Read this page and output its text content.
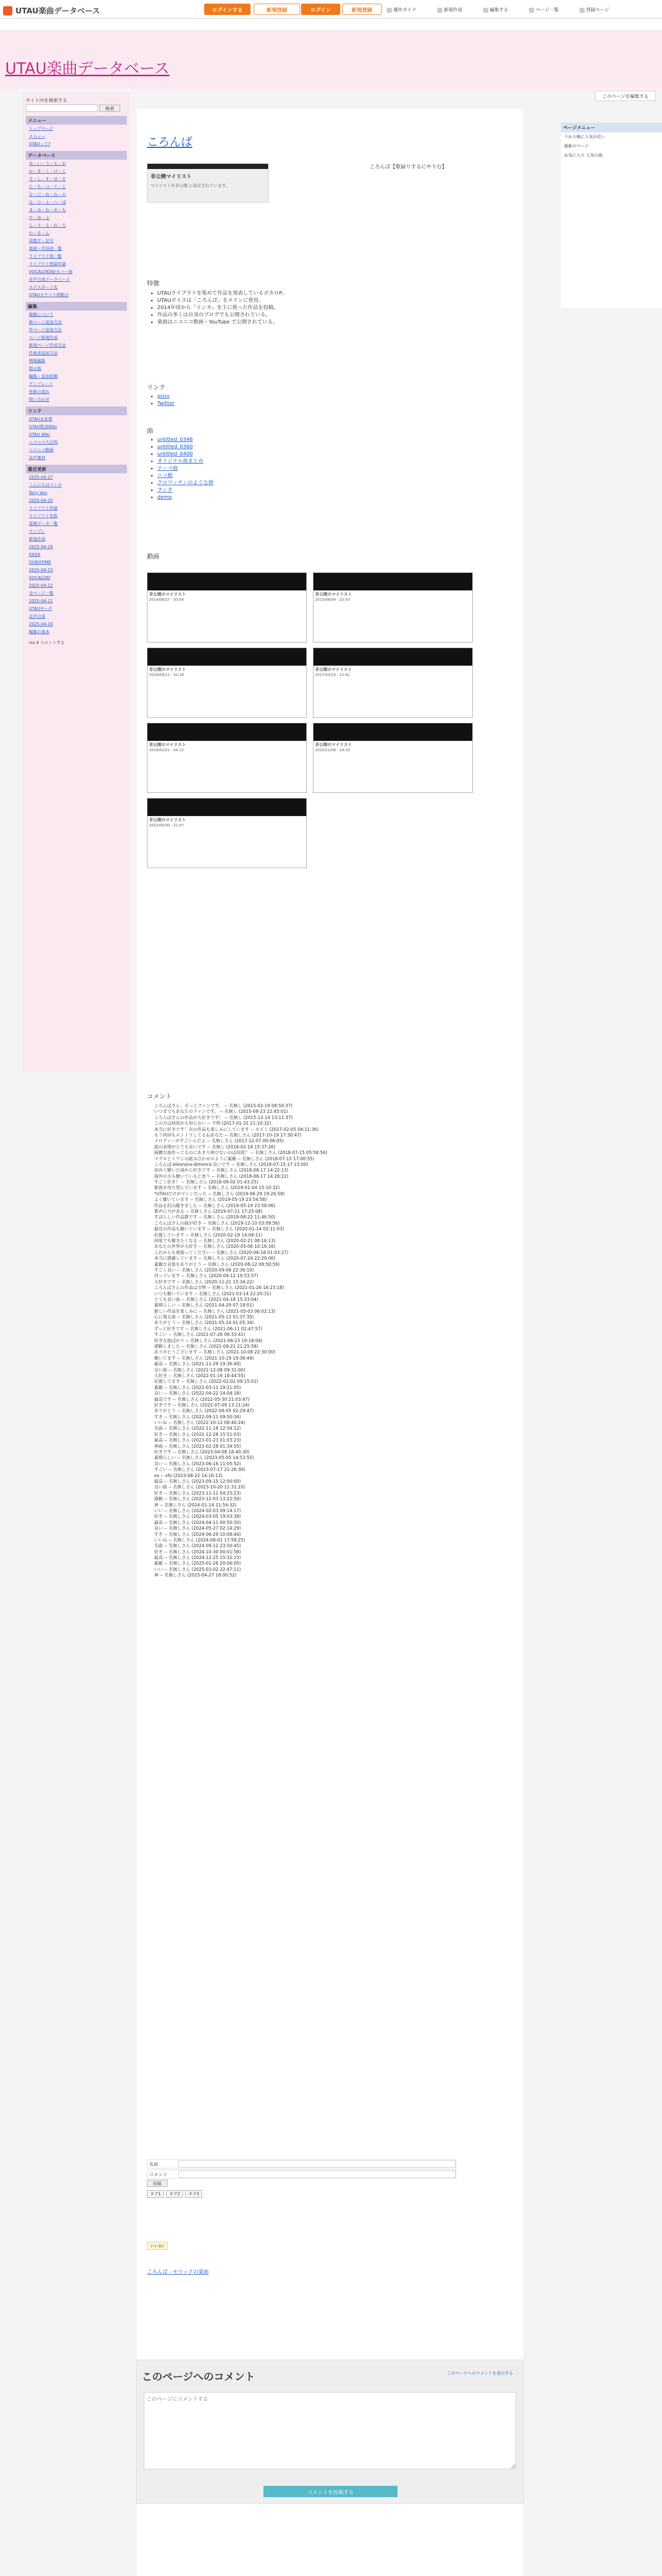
UTAU楽曲データベース	ログインする	新規登録	ログイン	新規登録	操作ガイド	新規作成	編集する	ページ一覧	登録ページ
UTAU楽曲データベース
このページを編集する
サイト内を検索する
検索
メニュー
トップページ
メニュー
UTAUって?
データベース
あ・い・う・え・お
か・き・く・け・こ
さ・し・す・せ・そ
た・ち・つ・て・と
な・に・ぬ・ね・の
は・ひ・ふ・へ・ほ
ま・み・む・め・も
や・ゆ・よ
ら・り・る・れ・ろ
わ・を・ん
英数字・記号
楽曲・作詞者一覧
ライブラリ別一覧
ライブラリ登録申請
VOCALOID曲/カバー曲
音声合成データベース
エクスポート先
UTAUカテゴリ移動分
編集
編集について
新ページ追加方法
作ページ追加方法
ページ新規作成
新規ページ作成方法
作曲者追加方法
情報編集
掲示板
編集・追加依頼
テンプレート
更新の流れ
問い合わせ
リンク
UTAU本家様
UTAU歌詞Wiki
UTAU Wiki
ニコニコ大百科
ニコニコ動画
音声素材
最近更新
2025-04-27
こんにちはリンカ
Tony Von
2025-04-25
ライブラリ申請
ライブラリ名称
重複データ一覧
テンプレ
新規作成
2025-04-24
XXXX
OUROTIME
2025-04-23
VOCALOID
2025-04-22
全ページ一覧
2025-04-21
UTAUサーチ
音声合成
2025-04-20
編集の基本
rss 4 コメントする
ページメニュー
下から順に人気が近い
最新のページ
お気に入り 人気の曲
ころんば
ころんば【歌録りするにやりむ】
非公開マイリスト
マイリストを非公開 に設定されています。
特徴
• UTAUライブラリを集めて作品を発表しているボカロP。
• UTAUボイスは「ころんば」をメインに使用。
• 2014年頃から「リンカ」を主に使った作品を投稿。
• 作品の多くは自身のブログでも公開されている。
• 楽曲はニコニコ動画・YouTube で公開されている。
リンク
• pixiv
• Twitter
曲
• untitled_0346
• untitled_0360
• untitled_0400
• オリジナル曲まとめ
• テーマ曲
• ニコ動
• クロワッサンのような朝
• ヲンタ
• demo
動画
非公開のマイリスト
2014/06/27 - 30:04
非公開のマイリスト
2015/08/04 - 23:53
非公開のマイリスト
2016/09/11 - 20:18
非公開のマイリスト
2017/03/19 - 12:41
非公開のマイリスト
2019/02/21 - 04:12
非公開のマイリスト
2020/11/08 - 18:33
非公開のマイリスト
2022/05/30 - 21:07
コメント
• ころんばさん、そっとファンです。 -- 名無し (2015-02-19 08:50:37)
• いつまでもあなたのファンです。 -- 名無し (2015-08-23 22:45:01)
• ころんばさんの作品が大好きです！ -- 名無し (2015-12-14 13:11:37)
• この方は何故かも知らない -- 不明 (2017-01-31 21:10:32)
• 本当に好きです！次の作品も楽しみにしています -- ネズミ (2017-02-05 04:11:36)
• もう何回もエントリしてるねあなた -- 名無しさん (2017-10-19 17:30:47)
• メロディーがすごいんだよ -- 名無しさん (2017-12-07 00:06:05)
• 曲の表情がとても良いです -- 名無し (2018-02-18 15:37:26)
• 綺麗な曲作ってるのにあまり伸びないのは何故？ -- 名無しさん (2018-07-15 05:58:56)
• マグロとイワシの組み合わせのように素敵 -- 名無しさん (2018-07-15 17:00:55)
• ころんば-eleonora-dimonra 良いです -- 名無しさん (2018-07-15 17:15:00)
• 初めて聴いた頃から好きです -- 名無しさん (2018-08-17 14:22:13)
• 海外の方も聴いていると思う -- 名無しさん (2018-08-17 14:28:22)
• すごく好き！ -- 名無しさん (2018-09-02 01:43:25)
• 新曲を待ち望んでいます -- 名無しさん (2019-01-04 15:10:32)
• *UTAUだけがマシンだった -- 名無しさん (2019-06-29 19:26:58)
• よく聴いています -- 名無しさん (2019-05-19 23:54:58)
• 作品を沢山聴きました -- 名無しさん (2019-05-19 23:58:06)
• 歌声に力がある -- 名無しさん (2019-07-21 17:25:08)
• すばらしい作品群です -- 名無しさん (2019-08-22 11:46:50)
• ころんばさんの曲が好き -- 名無しさん (2019-12-10 03:09:56)
• 最近の作品も聴いています -- 名無しさん (2020-01-14 02:11:03)
• 応援しています -- 名無しさん (2020-02-19 14:08:11)
• 何度でも聴きたくなる -- 名無しさん (2020-02-21 08:16:13)
• あなたの世界が大好き -- 名無しさん (2020-05-06 10:16:16)
• これからも頑張ってください -- 名無しさん (2020-06-18 01:03:27)
• 本当に感謝しています -- 名無しさん (2020-07-24 22:20:00)
• 素敵な音楽をありがとう -- 名無しさん (2020-08-12 08:50:59)
• すごく良い -- 名無しさん (2020-09-06 22:36:19)
• 待っています -- 名無しさん (2020-09-12 10:53:57)
• 大好きです -- 名無しさん (2020-11-21 15:34:22)
• ころんばさんの作品は宝物 -- 名無しさん (2021-01-26 16:23:18)
• いつも聴いています -- 名無しさん (2021-03-14 22:20:31)
• とても良い曲 -- 名無しさん (2021-04-18 15:33:04)
• 素晴らしい -- 名無しさん (2021-04-29 07:18:01)
• 新しい作品を楽しみに -- 名無しさん (2021-05-03 06:02:13)
• 心に残る曲 -- 名無しさん (2021-05-13 01:37:35)
• ありがとう -- 名無しさん (2021-05-24 01:05:34)
• ずっと好きです -- 名無しさん (2021-06-11 02:47:57)
• すごい -- 名無しさん (2021-07-26 06:33:41)
• 好きな曲ばかり -- 名無しさん (2021-08-23 19:18:04)
• 感動しました -- 名無しさん (2021-09-21 21:25:58)
• ありがとうございます -- 名無しさん (2021-10-08 22:30:00)
• 聴いてます -- 名無しさん (2021-10-19 19:36:49)
• 最高 -- 名無しさん (2021-11-29 19:36:49)
• 良い曲 -- 名無しさん (2021-12-08 09:31:00)
• 大好き -- 名無しさん (2022-01-16 18:44:55)
• 応援してます -- 名無しさん (2022-02-02 09:15:01)
• 素敵 -- 名無しさん (2022-03-11 19:21:05)
• 良い -- 名無しさん (2022-04-22 14:04:18)
• 最高です -- 名無しさん (2022-05-30 21:03:47)
• 好きです -- 名無しさん (2022-07-09 13:11:24)
• ありがとう -- 名無しさん (2022-08-05 02:29:47)
• すき -- 名無しさん (2022-09-11 09:50:34)
• いいね -- 名無しさん (2022-10-12 08:40:24)
• 名曲 -- 名無しさん (2022-11-18 12:54:12)
• 好き -- 名無しさん (2022-12-28 15:51:03)
• 最高 -- 名無しさん (2023-01-23 01:03:23)
• 神曲 -- 名無しさん (2023-02-28 01:34:55)
• 好きです -- 名無しさん (2023-04-08 18:40:30)
• 素晴らしい -- 名無しさん (2023-05-05 14:53:55)
• 良い -- 名無しさん (2023-06-16 11:05:52)
• すごい -- 名無しさん (2023-07-17 21:26:30)
• xx -- xfo (2023-08-22 14:16:13)
• 最高 -- 名無しさん (2023-09-15 12:00:00)
• 良い曲 -- 名無しさん (2023-10-20 11:31:10)
• 好き -- 名無しさん (2023-11-11 04:25:23)
• 感動 -- 名無しさん (2023-12-03 13:22:50)
• 神 -- 名無しさん (2024-01-14 21:54:32)
• いい -- 名無しさん (2024-02-03 09:14:17)
• 好き -- 名無しさん (2024-03-05 19:03:38)
• 最高 -- 名無しさん (2024-04-11 00:50:50)
• 良い -- 名無しさん (2024-05-27 02:14:29)
• すき -- 名無しさん (2024-06-29 10:08:44)
• いいね -- 名無しさん (2024-08-01 17:58:25)
• 名曲 -- 名無しさん (2024-09-12 23:50:45)
• 好き -- 名無しさん (2024-10-30 00:01:58)
• 最高 -- 名無しさん (2024-12-25 15:32:15)
• 素敵 -- 名無しさん (2025-01-26 20:06:05)
• いい -- 名無しさん (2025-03-02 22:47:11)
• 神 -- 名無しさん (2025-04-27 18:00:52)
名前
コメント
投稿
タグ1	タグ2	タグ3
いいね!
ころんば - モウックの楽曲
このページへのコメント	このページへのコメントを表示する
このページにコメントする
コメントを投稿する
